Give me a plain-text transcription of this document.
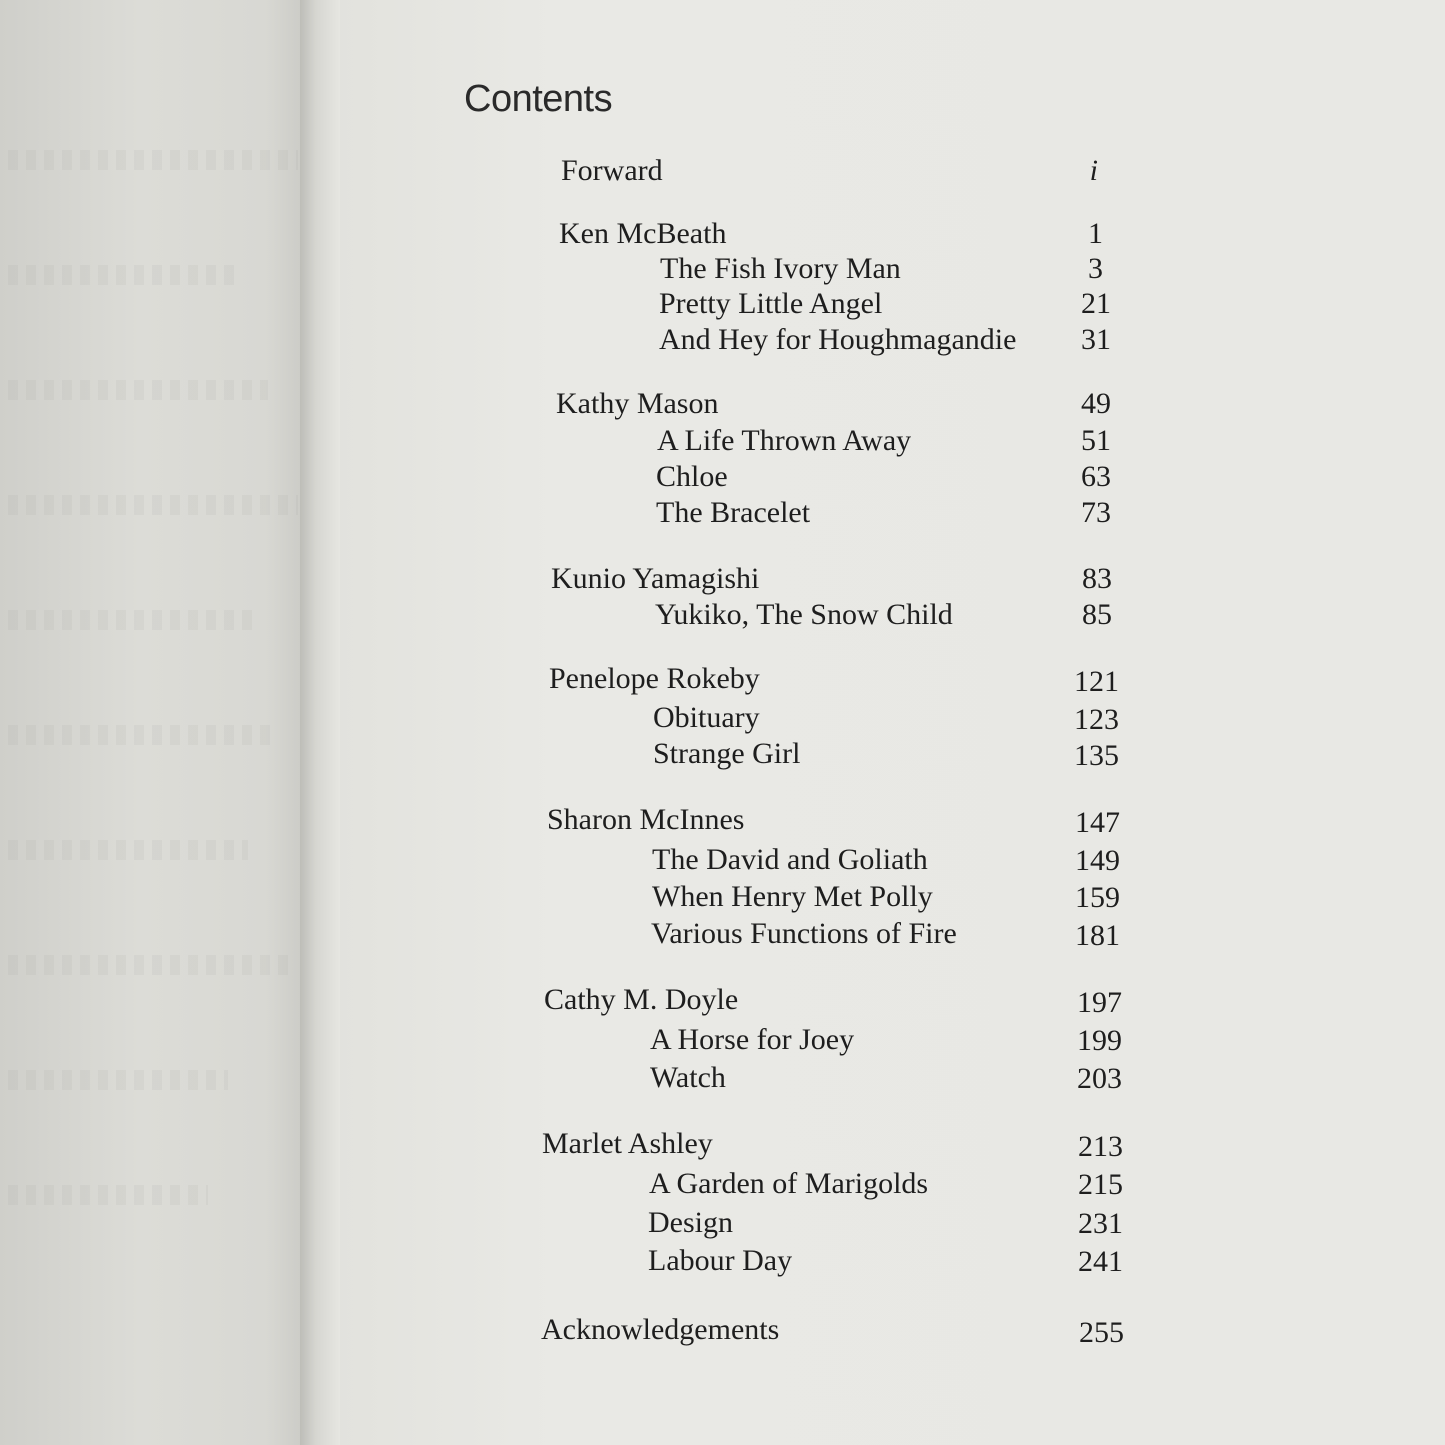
Contents
Forward	i
Ken McBeath	1
The Fish Ivory Man	3
Pretty Little Angel	21
And Hey for Houghmagandie	31
Kathy Mason	49
A Life Thrown Away	51
Chloe	63
The Bracelet	73
Kunio Yamagishi	83
Yukiko, The Snow Child	85
Penelope Rokeby	121
Obituary	123
Strange Girl	135
Sharon McInnes	147
The David and Goliath	149
When Henry Met Polly	159
Various Functions of Fire	181
Cathy M. Doyle	197
A Horse for Joey	199
Watch	203
Marlet Ashley	213
A Garden of Marigolds	215
Design	231
Labour Day	241
Acknowledgements	255
